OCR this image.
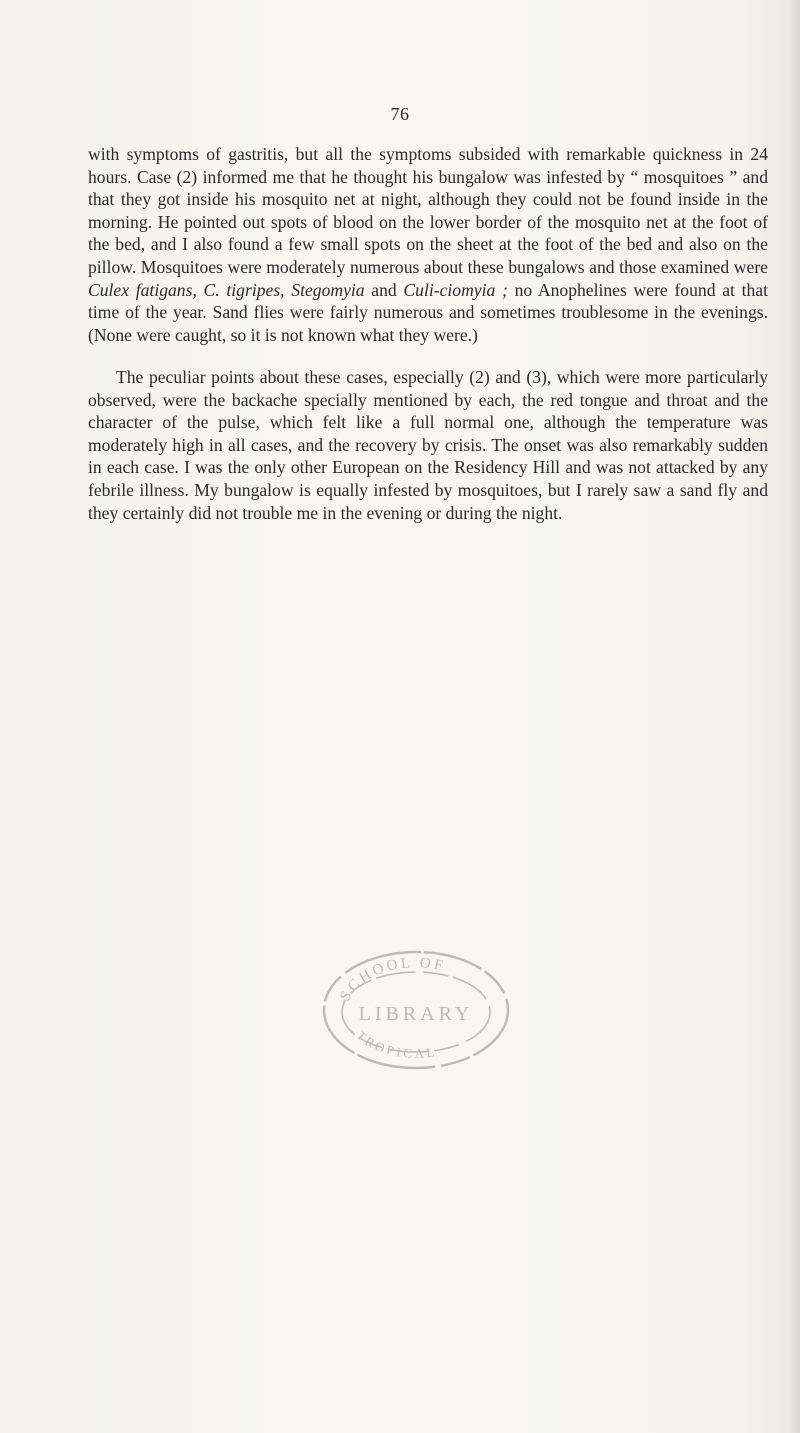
76

with symptoms of gastritis, but all the symptoms subsided with remarkable quickness in 24 hours. Case (2) informed me that he thought his bungalow was infested by “ mosquitoes ” and that they got inside his mosquito net at night, although they could not be found inside in the morning. He pointed out spots of blood on the lower border of the mosquito net at the foot of the bed, and I also found a few small spots on the sheet at the foot of the bed and also on the pillow. Mosquitoes were moderately numerous about these bungalows and those examined were Culex fatigans, C. tigripes, Stegomyia and Culi-ciomyia ; no Anophelines were found at that time of the year. Sand flies were fairly numerous and sometimes troublesome in the evenings. (None were caught, so it is not known what they were.)

The peculiar points about these cases, especially (2) and (3), which were more particularly observed, were the backache specially mentioned by each, the red tongue and throat and the character of the pulse, which felt like a full normal one, although the temperature was moderately high in all cases, and the recovery by crisis. The onset was also remarkably sudden in each case. I was the only other European on the Residency Hill and was not attacked by any febrile illness. My bungalow is equally infested by mosquitoes, but I rarely saw a sand fly and they certainly did not trouble me in the evening or during the night.

SCHOOL OF
LIBRARY
TROPICAL
